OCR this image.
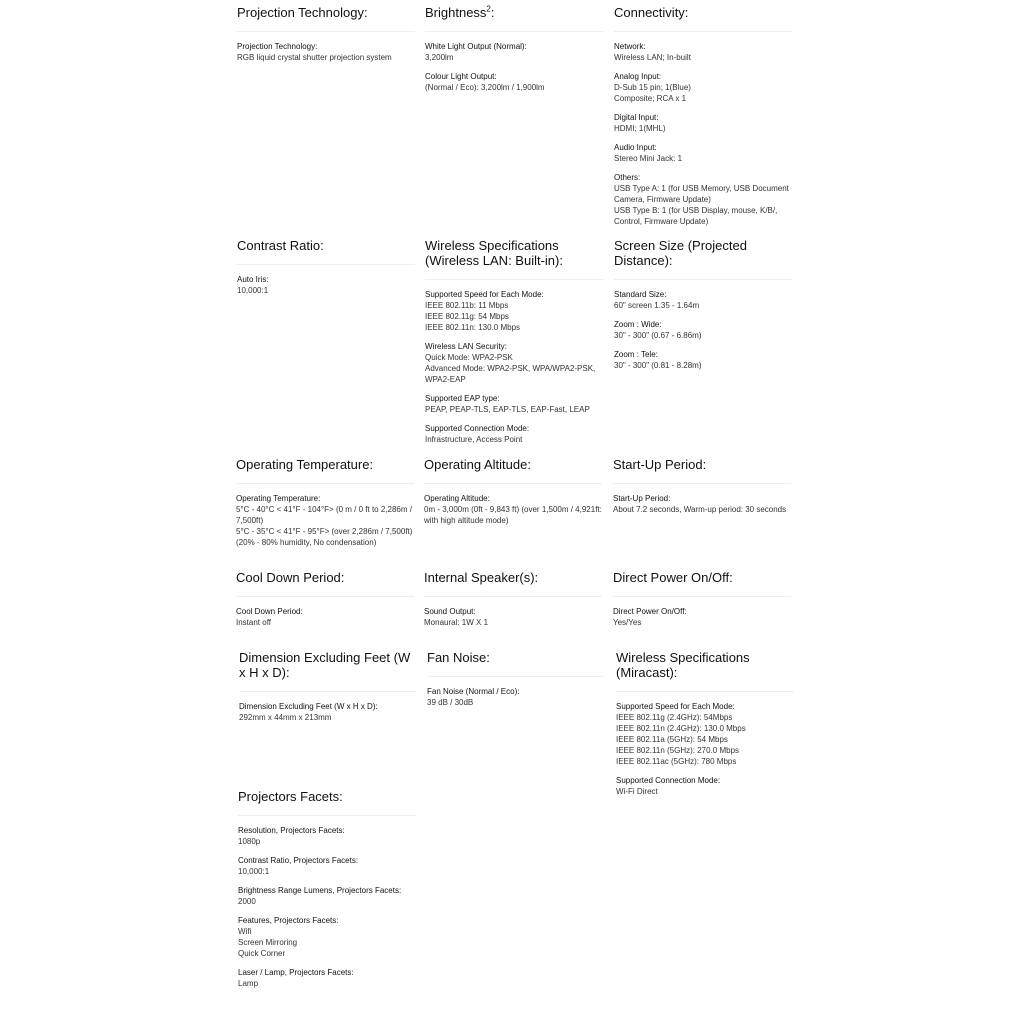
Projection Technology:
Projection Technology:
RGB liquid crystal shutter projection system
Brightness$^2$:
White Light Output (Normal):
3,200lm
Colour Light Output:
(Normal / Eco): 3,200lm / 1,900lm
Connectivity:
Network:
Wireless LAN; In-built
Analog Input:
D-Sub 15 pin; 1(Blue)
Composite; RCA x 1
Digital Input:
HDMI; 1(MHL)
Audio Input:
Stereo Mini Jack: 1
Others:
USB Type A: 1 (for USB Memory, USB Document
Camera, Firmware Update)
USB Type B: 1 (for USB Display, mouse, K/B/,
Control, Firmware Update)
Contrast Ratio:
Auto Iris:
10,000:1
Wireless Specifications (Wireless LAN: Built-in):
Supported Speed for Each Mode:
IEEE 802.11b: 11 Mbps
IEEE 802.11g: 54 Mbps
IEEE 802.11n: 130.0 Mbps
Wireless LAN Security:
Quick Mode: WPA2-PSK
Advanced Mode: WPA2-PSK, WPA/WPA2-PSK,
WPA2-EAP
Supported EAP type:
PEAP, PEAP-TLS, EAP-TLS, EAP-Fast, LEAP
Supported Connection Mode:
Infrastructure, Access Point
Screen Size (Projected Distance):
Standard Size:
60" screen 1.35 - 1.64m
Zoom : Wide:
30" - 300" (0.67 - 6.86m)
Zoom : Tele:
30" - 300" (0.81 - 8.28m)
Operating Temperature:
Operating Temperature:
5°C - 40°C < 41°F - 104°F> (0 m / 0 ft to 2,286m /
7,500ft)
5°C - 35°C < 41°F - 95°F> (over 2,286m / 7,500ft)
(20% - 80% humidity, No condensation)
Operating Altitude:
Operating Altitude:
0m - 3,000m (0ft - 9,843 ft) (over 1,500m / 4,921ft:
with high altitude mode)
Start-Up Period:
Start-Up Period:
About 7.2 seconds, Warm-up period: 30 seconds
Cool Down Period:
Cool Down Period:
Instant off
Internal Speaker(s):
Sound Output:
Monaural: 1W X 1
Direct Power On/Off:
Direct Power On/Off:
Yes/Yes
Dimension Excluding Feet (W x H x D):
Dimension Excluding Feet (W x H x D):
292mm x 44mm x 213mm
Fan Noise:
Fan Noise (Normal / Eco):
39 dB / 30dB
Wireless Specifications (Miracast):
Supported Speed for Each Mode:
IEEE 802.11g (2.4GHz): 54Mbps
IEEE 802.11n (2.4GHz): 130.0 Mbps
IEEE 802.11a (5GHz): 54 Mbps
IEEE 802.11n (5GHz): 270.0 Mbps
IEEE 802.11ac (5GHz): 780 Mbps
Supported Connection Mode:
Wi-Fi Direct
Projectors Facets:
Resolution, Projectors Facets:
1080p
Contrast Ratio, Projectors Facets:
10,000:1
Brightness Range Lumens, Projectors Facets:
2000
Features, Projectors Facets:
Wifi
Screen Mirroring
Quick Corner
Laser / Lamp, Projectors Facets:
Lamp
